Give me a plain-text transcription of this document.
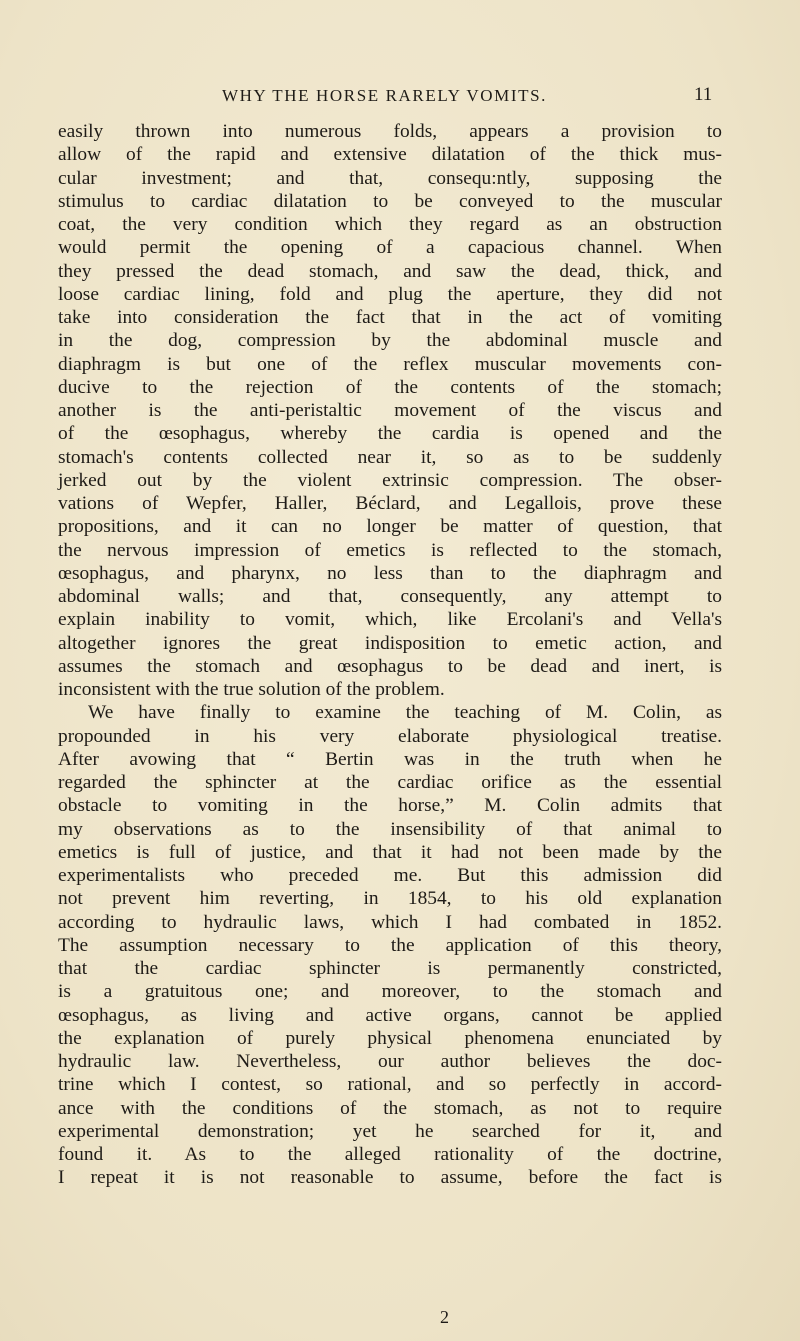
WHY THE HORSE RARELY VOMITS.	11
easily thrown into numerous folds, appears a provision to
allow of the rapid and extensive dilatation of the thick mus-
cular investment; and that, consequ:ntly, supposing the
stimulus to cardiac dilatation to be conveyed to the muscular
coat, the very condition which they regard as an obstruction
would permit the opening of a capacious channel. When
they pressed the dead stomach, and saw the dead, thick, and
loose cardiac lining, fold and plug the aperture, they did not
take into consideration the fact that in the act of vomiting
in the dog, compression by the abdominal muscle and
diaphragm is but one of the reflex muscular movements con-
ducive to the rejection of the contents of the stomach;
another is the anti-peristaltic movement of the viscus and
of the œsophagus, whereby the cardia is opened and the
stomach's contents collected near it, so as to be suddenly
jerked out by the violent extrinsic compression. The obser-
vations of Wepfer, Haller, Béclard, and Legallois, prove these
propositions, and it can no longer be matter of question, that
the nervous impression of emetics is reflected to the stomach,
œsophagus, and pharynx, no less than to the diaphragm and
abdominal walls; and that, consequently, any attempt to
explain inability to vomit, which, like Ercolani's and Vella's
altogether ignores the great indisposition to emetic action, and
assumes the stomach and œsophagus to be dead and inert, is
inconsistent with the true solution of the problem.
We have finally to examine the teaching of M. Colin, as
propounded in his very elaborate physiological treatise.
After avowing that “ Bertin was in the truth when he
regarded the sphincter at the cardiac orifice as the essential
obstacle to vomiting in the horse,” M. Colin admits that
my observations as to the insensibility of that animal to
emetics is full of justice, and that it had not been made by the
experimentalists who preceded me. But this admission did
not prevent him reverting, in 1854, to his old explanation
according to hydraulic laws, which I had combated in 1852.
The assumption necessary to the application of this theory,
that the cardiac sphincter is permanently constricted,
is a gratuitous one; and moreover, to the stomach and
œsophagus, as living and active organs, cannot be applied
the explanation of purely physical phenomena enunciated by
hydraulic law. Nevertheless, our author believes the doc-
trine which I contest, so rational, and so perfectly in accord-
ance with the conditions of the stomach, as not to require
experimental demonstration; yet he searched for it, and
found it. As to the alleged rationality of the doctrine,
I repeat it is not reasonable to assume, before the fact is
2
